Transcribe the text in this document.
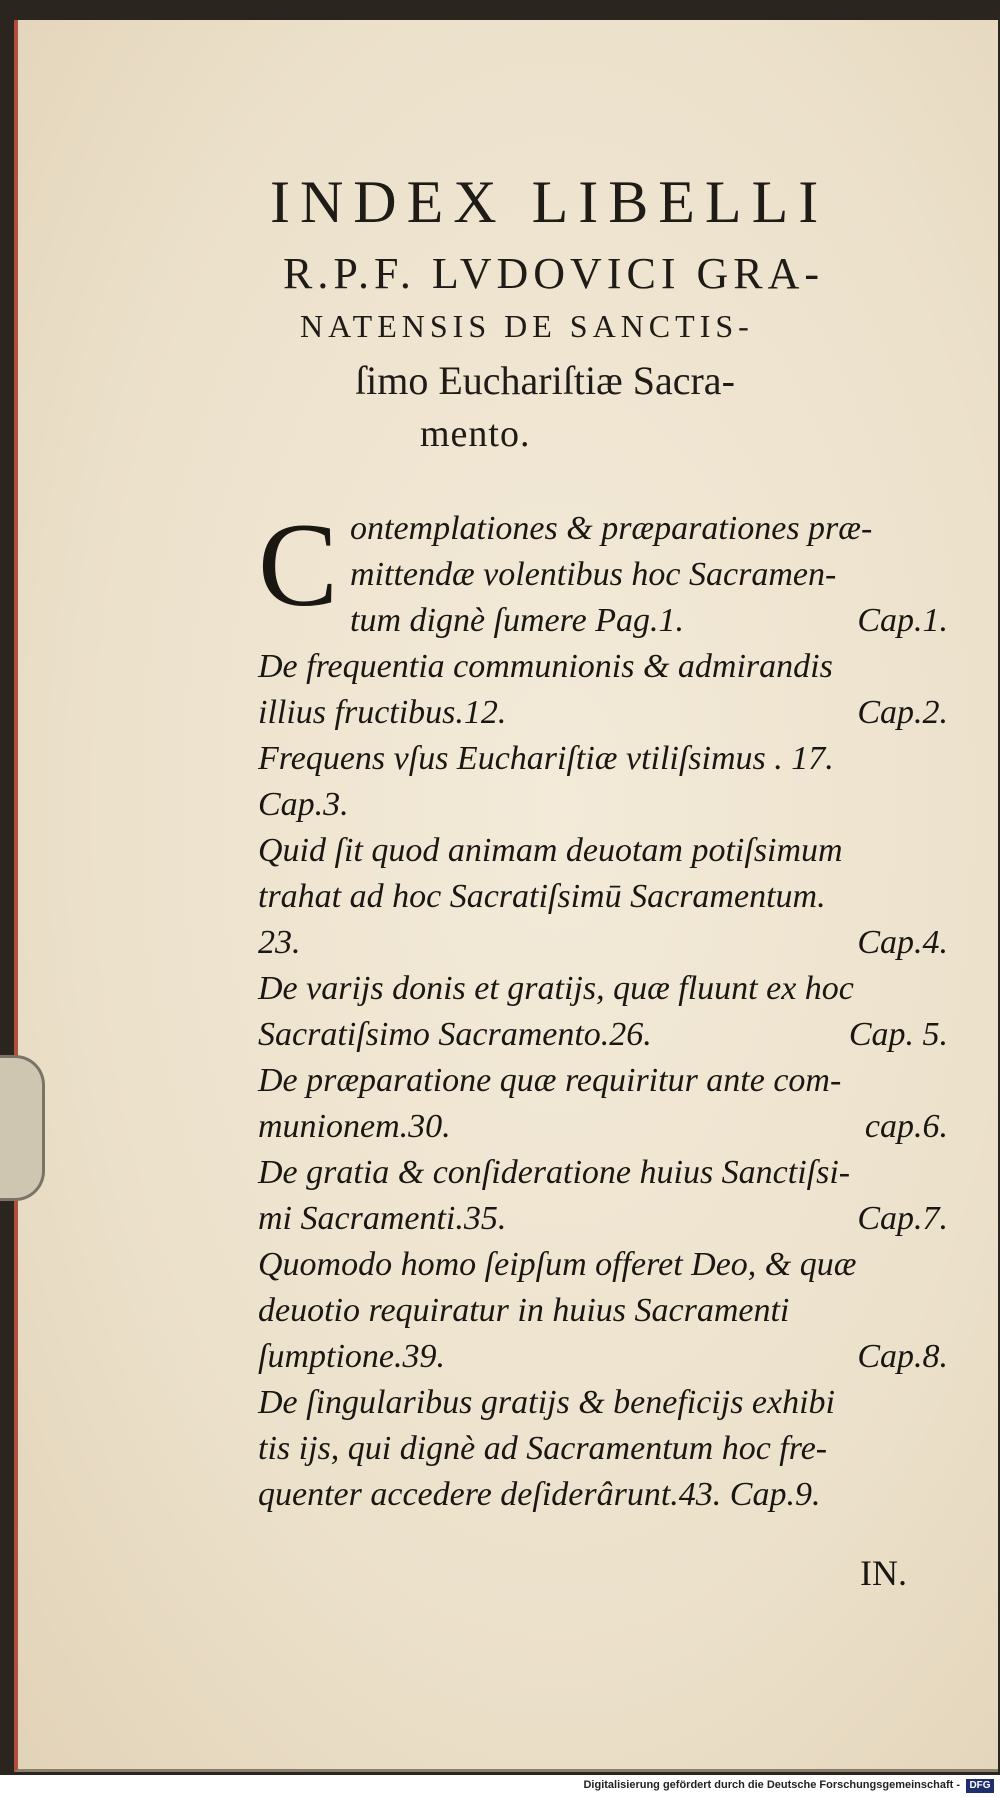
INDEX LIBELLI
R.P.F. LVDOVICI GRA-
NATENSIS DE SANCTIS-
ſimo Euchariſtiæ Sacra-
mento.
C ontemplationes & præparationes præ-
mittendæ volentibus hoc Sacramen-
tum dignè ſumere Pag.1.	Cap.1.
De frequentia communionis & admirandis
illius fructibus.12.	Cap.2.
Frequens vſus Euchariſtiæ vtiliſsimus . 17.
Cap.3.
Quid ſit quod animam deuotam potiſsimum
trahat ad hoc Sacratiſsimū Sacramentum.
23.	Cap.4.
De varijs donis et gratijs, quæ fluunt ex hoc
Sacratiſsimo Sacramento.26.	Cap. 5.
De præparatione quæ requiritur ante com-
munionem.30.	cap.6.
De gratia & conſideratione huius Sanctiſsi-
mi Sacramenti.35.	Cap.7.
Quomodo homo ſeipſum offeret Deo, & quæ
deuotio requiratur in huius Sacramenti
ſumptione.39.	Cap.8.
De ſingularibus gratijs & beneficijs exhibi
tis ijs, qui dignè ad Sacramentum hoc fre-
quenter accedere deſiderârunt.43. Cap.9.
IN.
Digitalisierung gefördert durch die Deutsche Forschungsgemeinschaft - DFG
